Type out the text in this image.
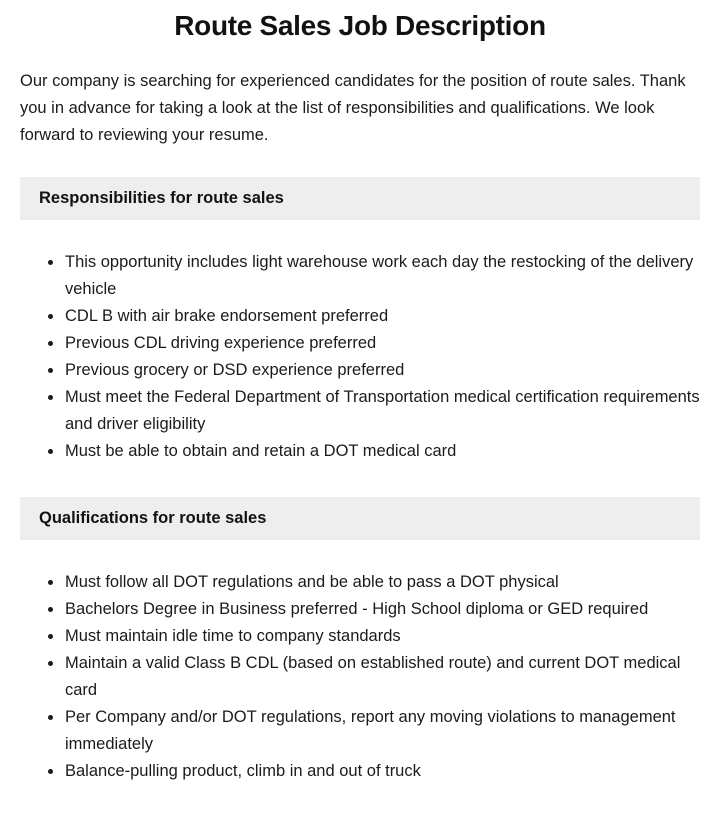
Route Sales Job Description

Our company is searching for experienced candidates for the position of route sales. Thank you in advance for taking a look at the list of responsibilities and qualifications. We look forward to reviewing your resume.

Responsibilities for route sales
• This opportunity includes light warehouse work each day the restocking of the delivery vehicle
• CDL B with air brake endorsement preferred
• Previous CDL driving experience preferred
• Previous grocery or DSD experience preferred
• Must meet the Federal Department of Transportation medical certification requirements and driver eligibility
• Must be able to obtain and retain a DOT medical card
Qualifications for route sales
• Must follow all DOT regulations and be able to pass a DOT physical
• Bachelors Degree in Business preferred - High School diploma or GED required
• Must maintain idle time to company standards
• Maintain a valid Class B CDL (based on established route) and current DOT medical card
• Per Company and/or DOT regulations, report any moving violations to management immediately
• Balance-pulling product, climb in and out of truck
